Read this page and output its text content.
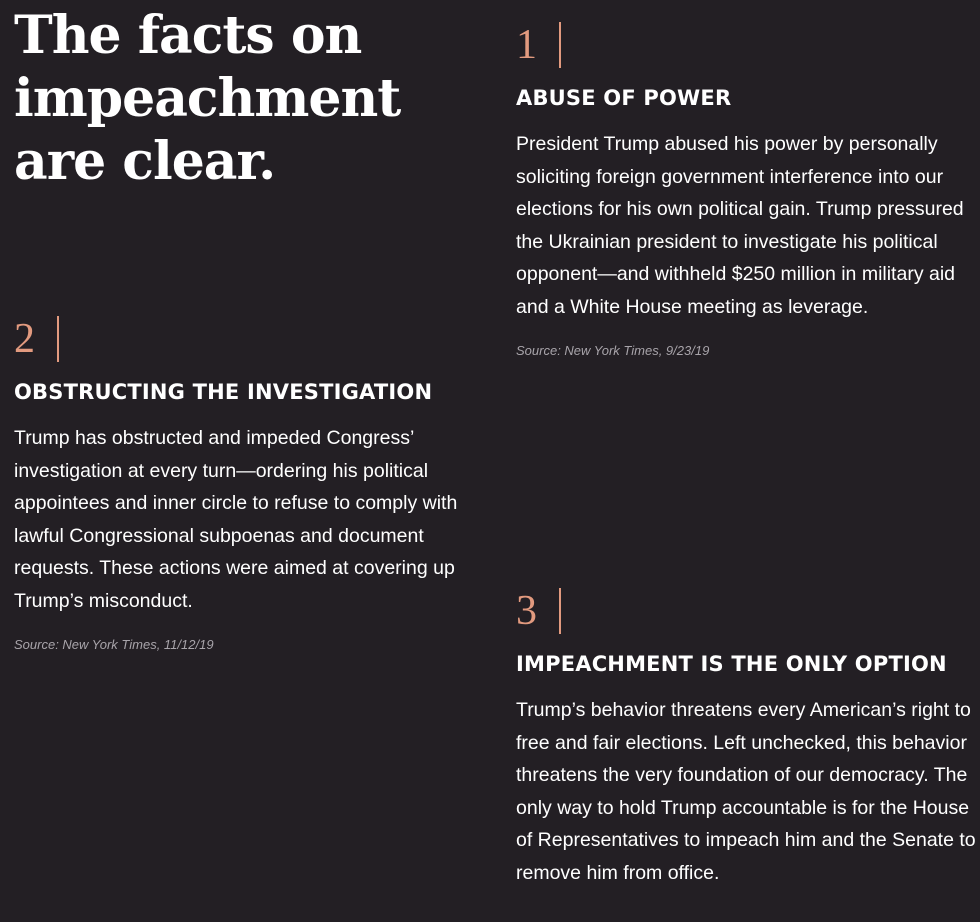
The facts on impeachment are clear.
1
ABUSE OF POWER

President Trump abused his power by personally soliciting foreign government interference into our elections for his own political gain. Trump pressured the Ukrainian president to investigate his political opponent—and withheld $250 million in military aid and a White House meeting as leverage.

Source: New York Times, 9/23/19

2
OBSTRUCTING THE INVESTIGATION

Trump has obstructed and impeded Congress’ investigation at every turn—ordering his political appointees and inner circle to refuse to comply with lawful Congressional subpoenas and document requests. These actions were aimed at covering up Trump’s misconduct.

Source: New York Times, 11/12/19

3
IMPEACHMENT IS THE ONLY OPTION

Trump’s behavior threatens every American’s right to free and fair elections. Left unchecked, this behavior threatens the very foundation of our democracy. The only way to hold Trump accountable is for the House of Representatives to impeach him and the Senate to remove him from office.
